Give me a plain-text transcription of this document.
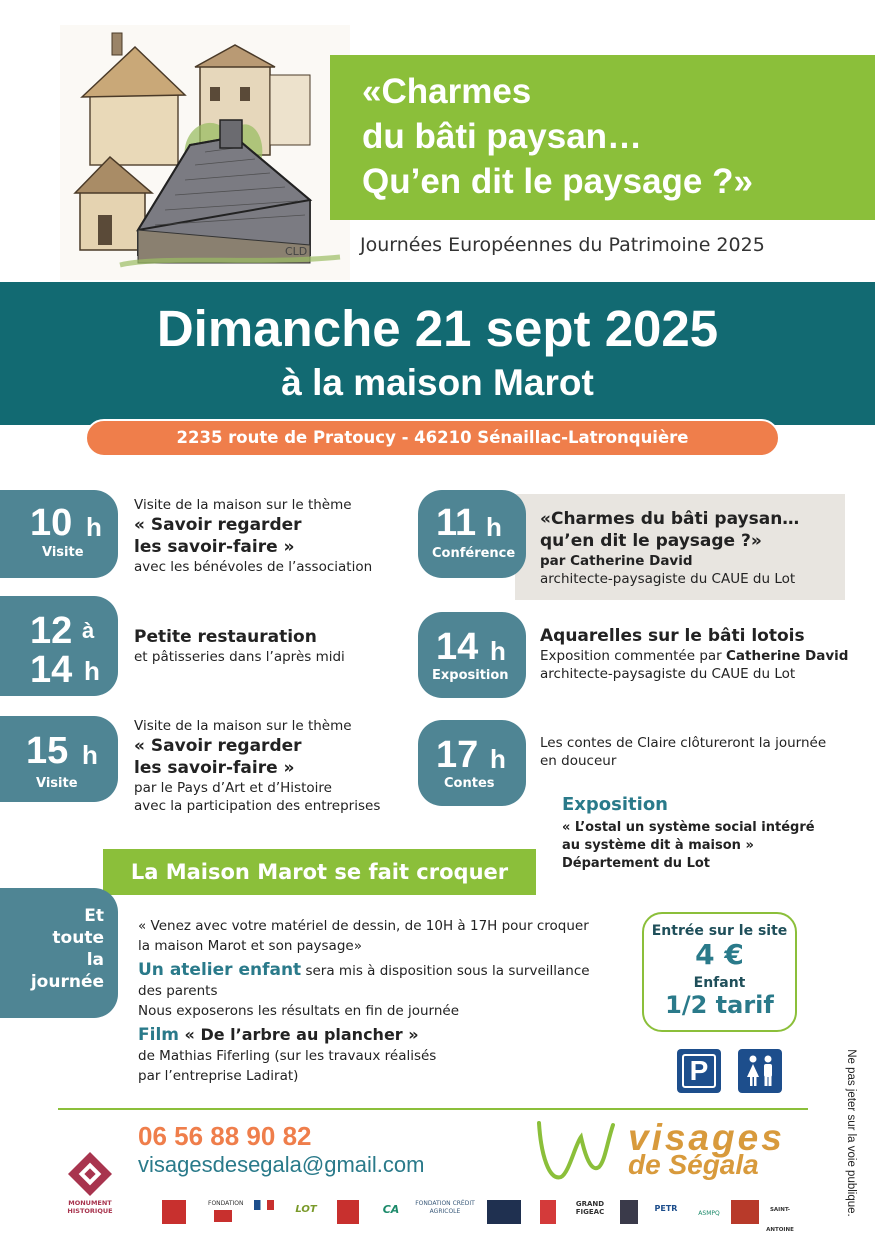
CLD
«Charmes
du bâti paysan…
Qu’en dit le paysage ?»
Journées Européennes du Patrimoine 2025
Dimanche 21 sept 2025
à la maison Marot
2235 route de Pratoucy - 46210 Sénaillac-Latronquière
10 h
Visite
Visite de la maison sur le thème
« Savoir regarder
les savoir-faire »
avec les bénévoles de l’association
12 à
14 h
Petite restauration
et pâtisseries dans l’après midi
15 h
Visite
Visite de la maison sur le thème
« Savoir regarder
les savoir-faire »
par le Pays d’Art et d’Histoire
avec la participation des entreprises
11 h
Conférence
«Charmes du bâti paysan…
qu’en dit le paysage ?»
par Catherine David
architecte-paysagiste du CAUE du Lot
14 h
Exposition
Aquarelles sur le bâti lotois
Exposition commentée par Catherine David
architecte-paysagiste du CAUE du Lot
17 h
Contes
Les contes de Claire clôtureront la journée
en douceur
Exposition
« L’ostal un système social intégré
au système dit à maison »
Département du Lot
La Maison Marot se fait croquer
Et
toute
la
journée
« Venez avec votre matériel de dessin, de 10H à 17H pour croquer
la maison Marot et son paysage»
Un atelier enfant sera mis à disposition sous la surveillance
des parents
Nous exposerons les résultats en fin de journée
Film « De l’arbre au plancher »
de Mathias Fiferling (sur les travaux réalisés
par l’entreprise Ladirat)
Entrée sur le site
4 €
Enfant
1/2 tarif
P
06 56 88 90 82
visagesdesegala@gmail.com
visages
de Ségala	Ne pas jeter sur la voie publique.
MONUMENT
HISTORIQUE
FONDATION
LOT	CA	FONDATION CRÉDIT AGRICOLE
GRAND FIGEAC	PETR
ASMPQ	SAINT-ANTOINE
